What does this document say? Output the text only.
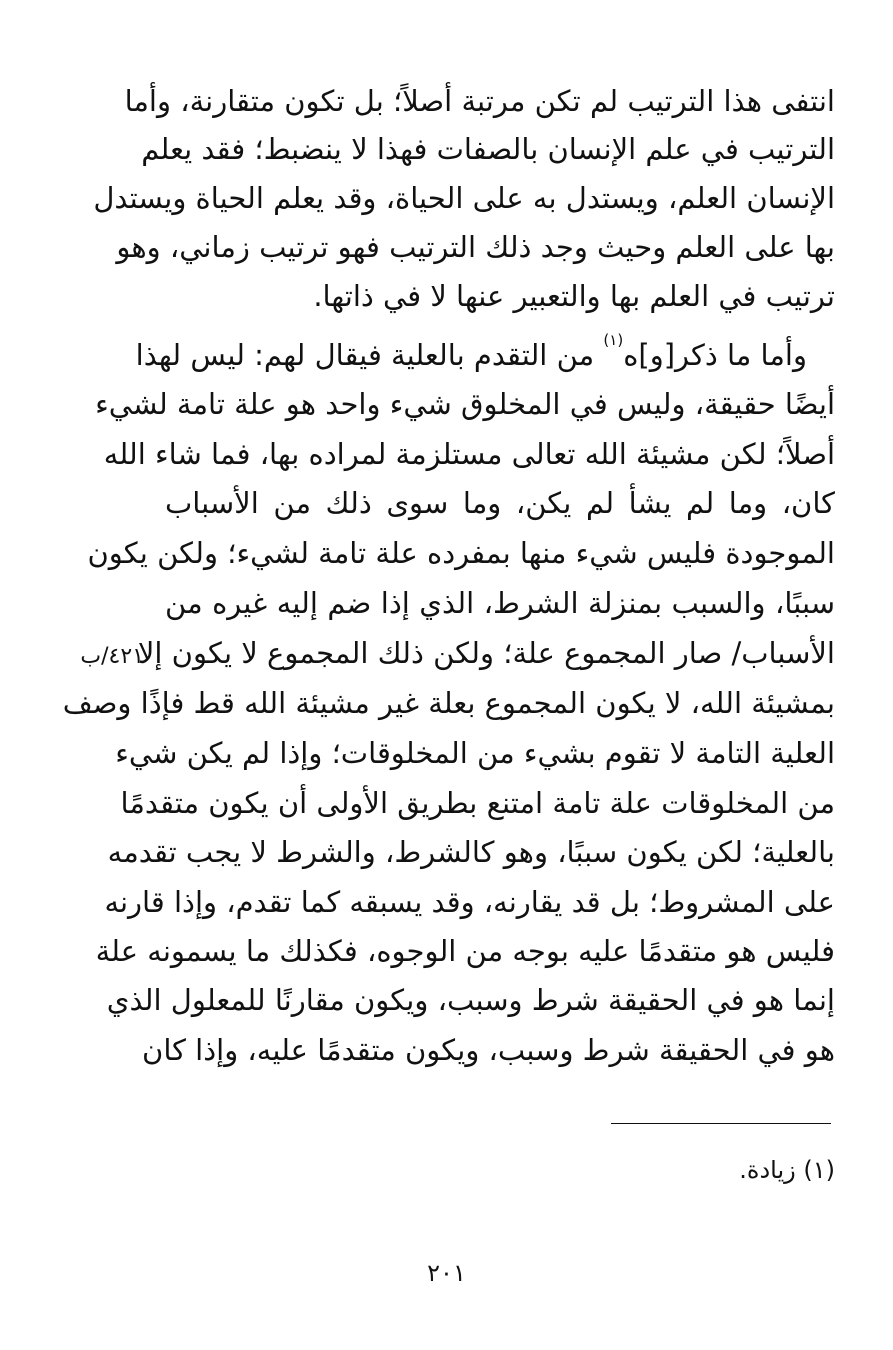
انتفى هذا الترتيب لم تكن مرتبة أصلاً؛ بل تكون متقارنة، وأما
الترتيب في علم الإنسان بالصفات فهذا لا ينضبط؛ فقد يعلم
الإنسان العلم، ويستدل به على الحياة، وقد يعلم الحياة ويستدل
بها على العلم وحيث وجد ذلك الترتيب فهو ترتيب زماني، وهو
ترتيب في العلم بها والتعبير عنها لا في ذاتها.
وأما ما ذكر[و]ه$^{(١)}$ من التقدم بالعلية فيقال لهم: ليس لهذا
أيضًا حقيقة، وليس في المخلوق شيء واحد هو علة تامة لشيء
أصلاً؛ لكن مشيئة الله تعالى مستلزمة لمراده بها، فما شاء الله
كان، وما لم يشأ لم يكن، وما سوى ذلك من الأسباب
الموجودة فليس شيء منها بمفرده علة تامة لشيء؛ ولكن يكون
سببًا، والسبب بمنزلة الشرط، الذي إذا ضم إليه غيره من
الأسباب/ صار المجموع علة؛ ولكن ذلك المجموع لا يكون إلا
بمشيئة الله، لا يكون المجموع بعلة غير مشيئة الله قط فإذًا وصف
العلية التامة لا تقوم بشيء من المخلوقات؛ وإذا لم يكن شيء
من المخلوقات علة تامة امتنع بطريق الأولى أن يكون متقدمًا
بالعلية؛ لكن يكون سببًا، وهو كالشرط، والشرط لا يجب تقدمه
على المشروط؛ بل قد يقارنه، وقد يسبقه كما تقدم، وإذا قارنه
فليس هو متقدمًا عليه بوجه من الوجوه، فكذلك ما يسمونه علة
إنما هو في الحقيقة شرط وسبب، ويكون مقارنًا للمعلول الذي
هو في الحقيقة شرط وسبب، ويكون متقدمًا عليه، وإذا كان
٤٢١/ب
(١) زيادة.
٢٠١
